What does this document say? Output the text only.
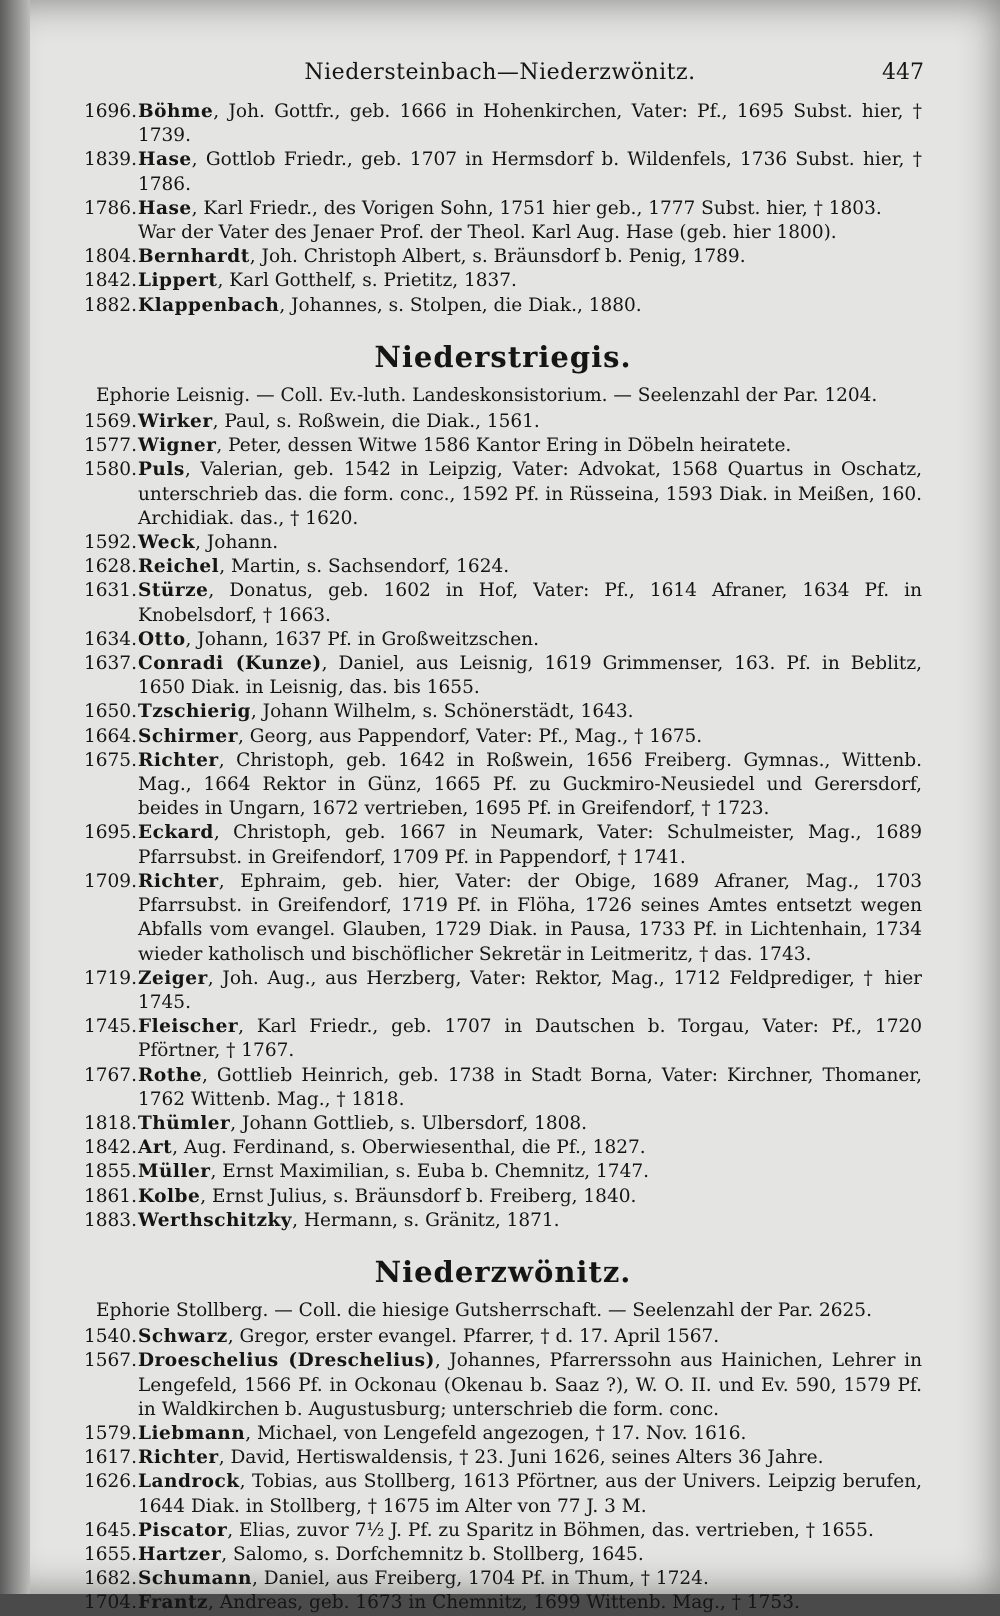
Niedersteinbach—Niederzwönitz.	447
1696. Böhme, Joh. Gottfr., geb. 1666 in Hohenkirchen, Vater: Pf., 1695 Subst. hier, † 1739.
1839. Hase, Gottlob Friedr., geb. 1707 in Hermsdorf b. Wildenfels, 1736 Subst. hier, † 1786.
1786. Hase, Karl Friedr., des Vorigen Sohn, 1751 hier geb., 1777 Subst. hier, † 1803.
War der Vater des Jenaer Prof. der Theol. Karl Aug. Hase (geb. hier 1800).
1804. Bernhardt, Joh. Christoph Albert, s. Bräunsdorf b. Penig, 1789.
1842. Lippert, Karl Gotthelf, s. Prietitz, 1837.
1882. Klappenbach, Johannes, s. Stolpen, die Diak., 1880.
Niederstriegis.
Ephorie Leisnig. — Coll. Ev.-luth. Landeskonsistorium. — Seelenzahl der Par. 1204.
1569. Wirker, Paul, s. Roßwein, die Diak., 1561.
1577. Wigner, Peter, dessen Witwe 1586 Kantor Ering in Döbeln heiratete.
1580. Puls, Valerian, geb. 1542 in Leipzig, Vater: Advokat, 1568 Quartus in Oschatz, unterschrieb das. die form. conc., 1592 Pf. in Rüsseina, 1593 Diak. in Meißen, 160. Archidiak. das., † 1620.
1592. Weck, Johann.
1628. Reichel, Martin, s. Sachsendorf, 1624.
1631. Stürze, Donatus, geb. 1602 in Hof, Vater: Pf., 1614 Afraner, 1634 Pf. in Knobelsdorf, † 1663.
1634. Otto, Johann, 1637 Pf. in Großweitzschen.
1637. Conradi (Kunze), Daniel, aus Leisnig, 1619 Grimmenser, 163. Pf. in Beblitz, 1650 Diak. in Leisnig, das. bis 1655.
1650. Tzschierig, Johann Wilhelm, s. Schönerstädt, 1643.
1664. Schirmer, Georg, aus Pappendorf, Vater: Pf., Mag., † 1675.
1675. Richter, Christoph, geb. 1642 in Roßwein, 1656 Freiberg. Gymnas., Wittenb. Mag., 1664 Rektor in Günz, 1665 Pf. zu Guckmiro-Neusiedel und Gerersdorf, beides in Ungarn, 1672 vertrieben, 1695 Pf. in Greifendorf, † 1723.
1695. Eckard, Christoph, geb. 1667 in Neumark, Vater: Schulmeister, Mag., 1689 Pfarrsubst. in Greifendorf, 1709 Pf. in Pappendorf, † 1741.
1709. Richter, Ephraim, geb. hier, Vater: der Obige, 1689 Afraner, Mag., 1703 Pfarrsubst. in Greifendorf, 1719 Pf. in Flöha, 1726 seines Amtes entsetzt wegen Abfalls vom evangel. Glauben, 1729 Diak. in Pausa, 1733 Pf. in Lichtenhain, 1734 wieder katholisch und bischöflicher Sekretär in Leitmeritz, † das. 1743.
1719. Zeiger, Joh. Aug., aus Herzberg, Vater: Rektor, Mag., 1712 Feldprediger, † hier 1745.
1745. Fleischer, Karl Friedr., geb. 1707 in Dautschen b. Torgau, Vater: Pf., 1720 Pförtner, † 1767.
1767. Rothe, Gottlieb Heinrich, geb. 1738 in Stadt Borna, Vater: Kirchner, Thomaner, 1762 Wittenb. Mag., † 1818.
1818. Thümler, Johann Gottlieb, s. Ulbersdorf, 1808.
1842. Art, Aug. Ferdinand, s. Oberwiesenthal, die Pf., 1827.
1855. Müller, Ernst Maximilian, s. Euba b. Chemnitz, 1747.
1861. Kolbe, Ernst Julius, s. Bräunsdorf b. Freiberg, 1840.
1883. Werthschitzky, Hermann, s. Gränitz, 1871.
Niederzwönitz.
Ephorie Stollberg. — Coll. die hiesige Gutsherrschaft. — Seelenzahl der Par. 2625.
1540. Schwarz, Gregor, erster evangel. Pfarrer, † d. 17. April 1567.
1567. Droeschelius (Dreschelius), Johannes, Pfarrerssohn aus Hainichen, Lehrer in Lengefeld, 1566 Pf. in Ockonau (Okenau b. Saaz ?), W. O. II. und Ev. 590, 1579 Pf. in Waldkirchen b. Augustusburg; unterschrieb die form. conc.
1579. Liebmann, Michael, von Lengefeld angezogen, † 17. Nov. 1616.
1617. Richter, David, Hertiswaldensis, † 23. Juni 1626, seines Alters 36 Jahre.
1626. Landrock, Tobias, aus Stollberg, 1613 Pförtner, aus der Univers. Leipzig berufen, 1644 Diak. in Stollberg, † 1675 im Alter von 77 J. 3 M.
1645. Piscator, Elias, zuvor 7½ J. Pf. zu Sparitz in Böhmen, das. vertrieben, † 1655.
1655. Hartzer, Salomo, s. Dorfchemnitz b. Stollberg, 1645.
1682. Schumann, Daniel, aus Freiberg, 1704 Pf. in Thum, † 1724.
1704. Frantz, Andreas, geb. 1673 in Chemnitz, 1699 Wittenb. Mag., † 1753.
